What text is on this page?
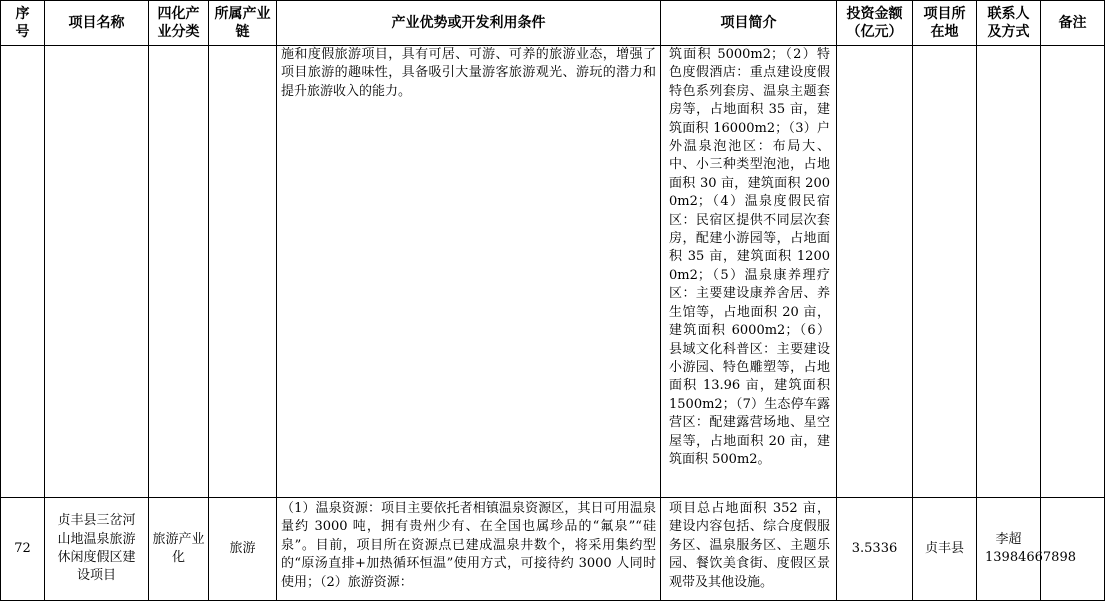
序号	项目名称	四化产业分类	所属产业链	产业优势或开发利用条件	项目简介	投资金额（亿元）	项目所在地	联系人及方式	备注
				施和度假旅游项目，具有可居、可游、可养的旅游业态，增强了项目旅游的趣味性，具备吸引大量游客旅游观光、游玩的潜力和提升旅游收入的能力。	筑面积 5000m2；（2）特色度假酒店：重点建设度假特色系列套房、温泉主题套房等，占地面积 35 亩，建筑面积 16000m2；（3）户外温泉泡池区：布局大、中、小三种类型泡池，占地面积 30 亩，建筑面积 2000m2；（4）温泉度假民宿区：民宿区提供不同层次套房，配建小游园等，占地面积 35 亩，建筑面积 12000m2；（5）温泉康养理疗区：主要建设康养舍居、养生馆等，占地面积 20 亩，建筑面积 6000m2；（6）县域文化科普区：主要建设小游园、特色雕塑等，占地面积 13.96 亩，建筑面积 1500m2；（7）生态停车露营区：配建露营场地、星空屋等，占地面积 20 亩，建筑面积 500m2。				
72	贞丰县三岔河山地温泉旅游休闲度假区建设项目	旅游产业化	旅游	（1）温泉资源：项目主要依托者相镇温泉资源区，其日可用温泉量约 3000 吨，拥有贵州少有、在全国也属珍品的“氟泉”“硅泉”。目前，项目所在资源点已建成温泉井数个，将采用集约型的“原汤直排+加热循环恒温”使用方式，可接待约 3000 人同时使用；（2）旅游资源：	项目总占地面积 352 亩，建设内容包括、综合度假服务区、温泉服务区、主题乐园、餐饮美食街、度假区景观带及其他设施。	3.5336	贞丰县	李超 13984667898	
